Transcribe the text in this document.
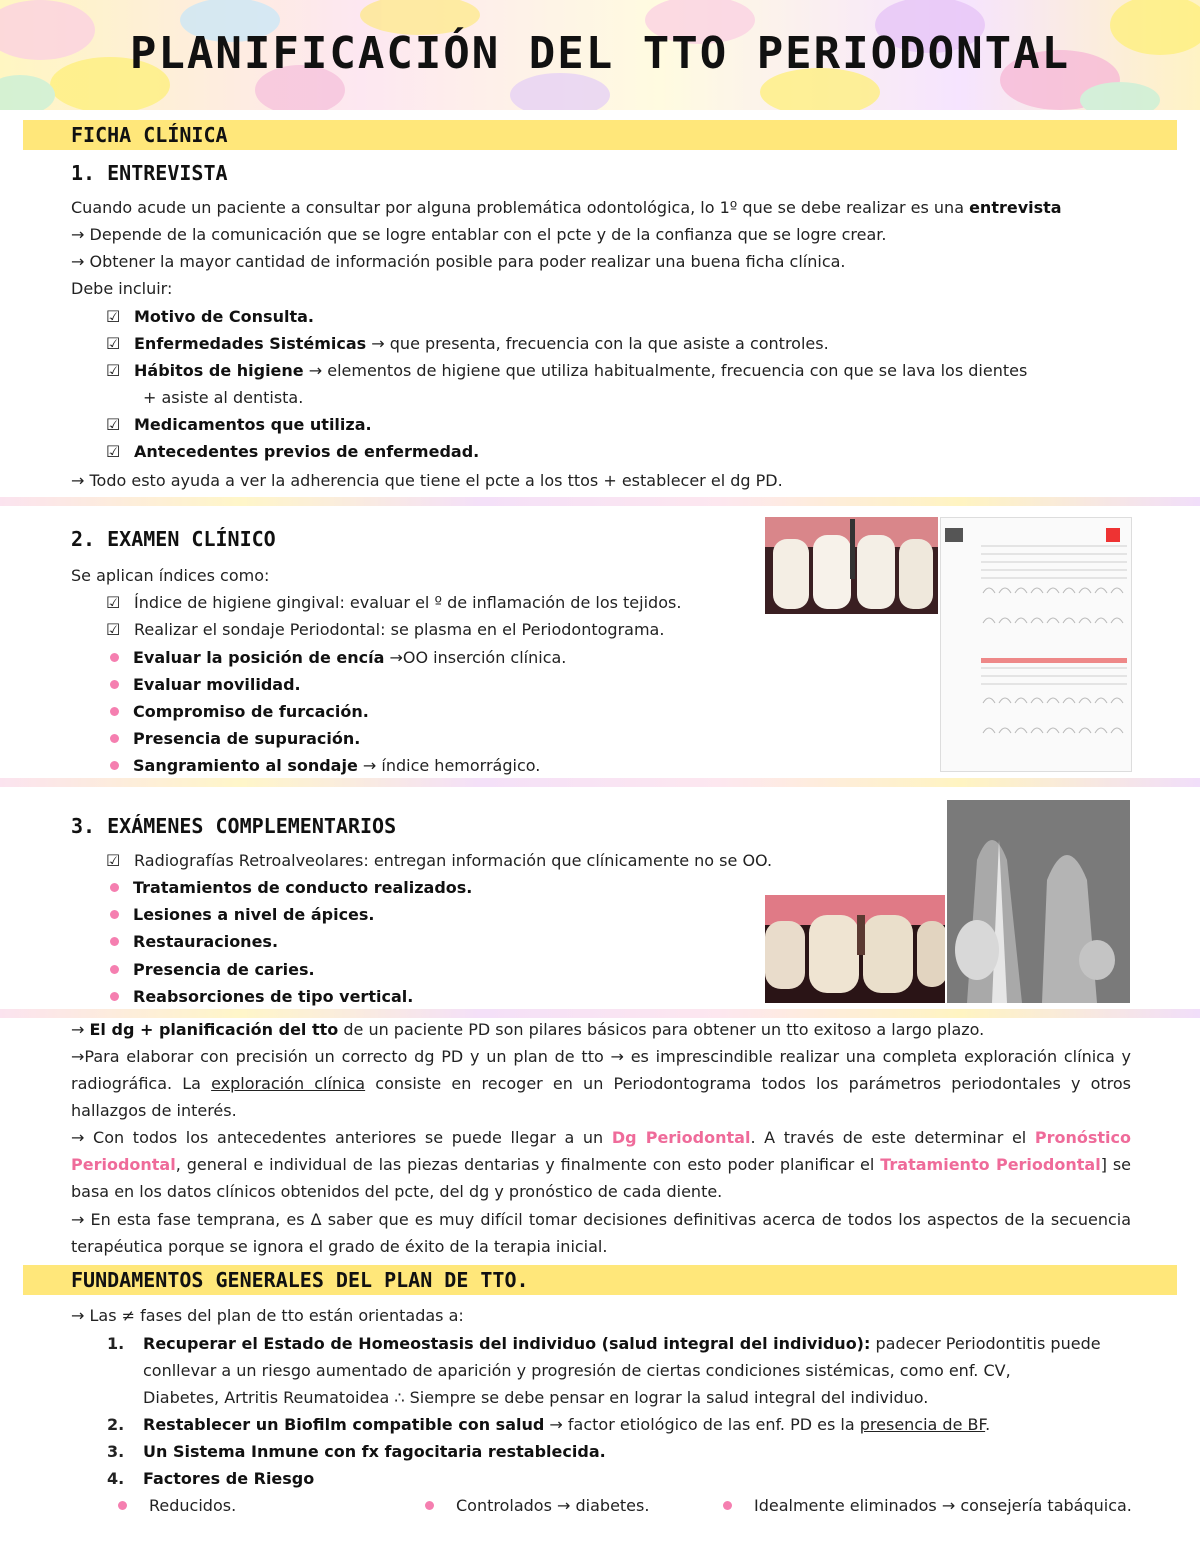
PLANIFICACIÓN DEL TTO PERIODONTAL
FICHA CLÍNICA
1. ENTREVISTA
Cuando acude un paciente a consultar por alguna problemática odontológica, lo 1º que se debe realizar es una entrevista
→ Depende de la comunicación que se logre entablar con el pcte y de la confianza que se logre crear.
→ Obtener la mayor cantidad de información posible para poder realizar una buena ficha clínica.
Debe incluir:
☑ Motivo de Consulta.
☑ Enfermedades Sistémicas → que presenta, frecuencia con la que asiste a controles.
☑ Hábitos de higiene → elementos de higiene que utiliza habitualmente, frecuencia con que se lava los dientes
+ asiste al dentista.
☑ Medicamentos que utiliza.
☑ Antecedentes previos de enfermedad.
→ Todo esto ayuda a ver la adherencia que tiene el pcte a los ttos + establecer el dg PD.
2. EXAMEN CLÍNICO
Se aplican índices como:
☑ Índice de higiene gingival: evaluar el º de inflamación de los tejidos.
☑ Realizar el sondaje Periodontal: se plasma en el Periodontograma.
Evaluar la posición de encía →OO inserción clínica.
Evaluar movilidad.
Compromiso de furcación.
Presencia de supuración.
Sangramiento al sondaje → índice hemorrágico.
3. EXÁMENES COMPLEMENTARIOS
☑ Radiografías Retroalveolares: entregan información que clínicamente no se OO.
Tratamientos de conducto realizados.
Lesiones a nivel de ápices.
Restauraciones.
Presencia de caries.
Reabsorciones de tipo vertical.
→ El dg + planificación del tto de un paciente PD son pilares básicos para obtener un tto exitoso a largo plazo.
→Para elaborar con precisión un correcto dg PD y un plan de tto → es imprescindible realizar una completa exploración clínica y radiográfica. La exploración clínica consiste en recoger en un Periodontograma todos los parámetros periodontales y otros hallazgos de interés.
→ Con todos los antecedentes anteriores se puede llegar a un Dg Periodontal. A través de este determinar el Pronóstico Periodontal, general e individual de las piezas dentarias y finalmente con esto poder planificar el Tratamiento Periodontal] se basa en los datos clínicos obtenidos del pcte, del dg y pronóstico de cada diente.
→ En esta fase temprana, es Δ saber que es muy difícil tomar decisiones definitivas acerca de todos los aspectos de la secuencia terapéutica porque se ignora el grado de éxito de la terapia inicial.
FUNDAMENTOS GENERALES DEL PLAN DE TTO.
→ Las ≠ fases del plan de tto están orientadas a:
1. Recuperar el Estado de Homeostasis del individuo (salud integral del individuo): padecer Periodontitis puede
conllevar a un riesgo aumentado de aparición y progresión de ciertas condiciones sistémicas, como enf. CV,
Diabetes, Artritis Reumatoidea ∴ Siempre se debe pensar en lograr la salud integral del individuo.
2. Restablecer un Biofilm compatible con salud → factor etiológico de las enf. PD es la presencia de BF.
3. Un Sistema Inmune con fx fagocitaria restablecida.
4. Factores de Riesgo
Reducidos.	Controlados → diabetes.	Idealmente eliminados → consejería tabáquica.
